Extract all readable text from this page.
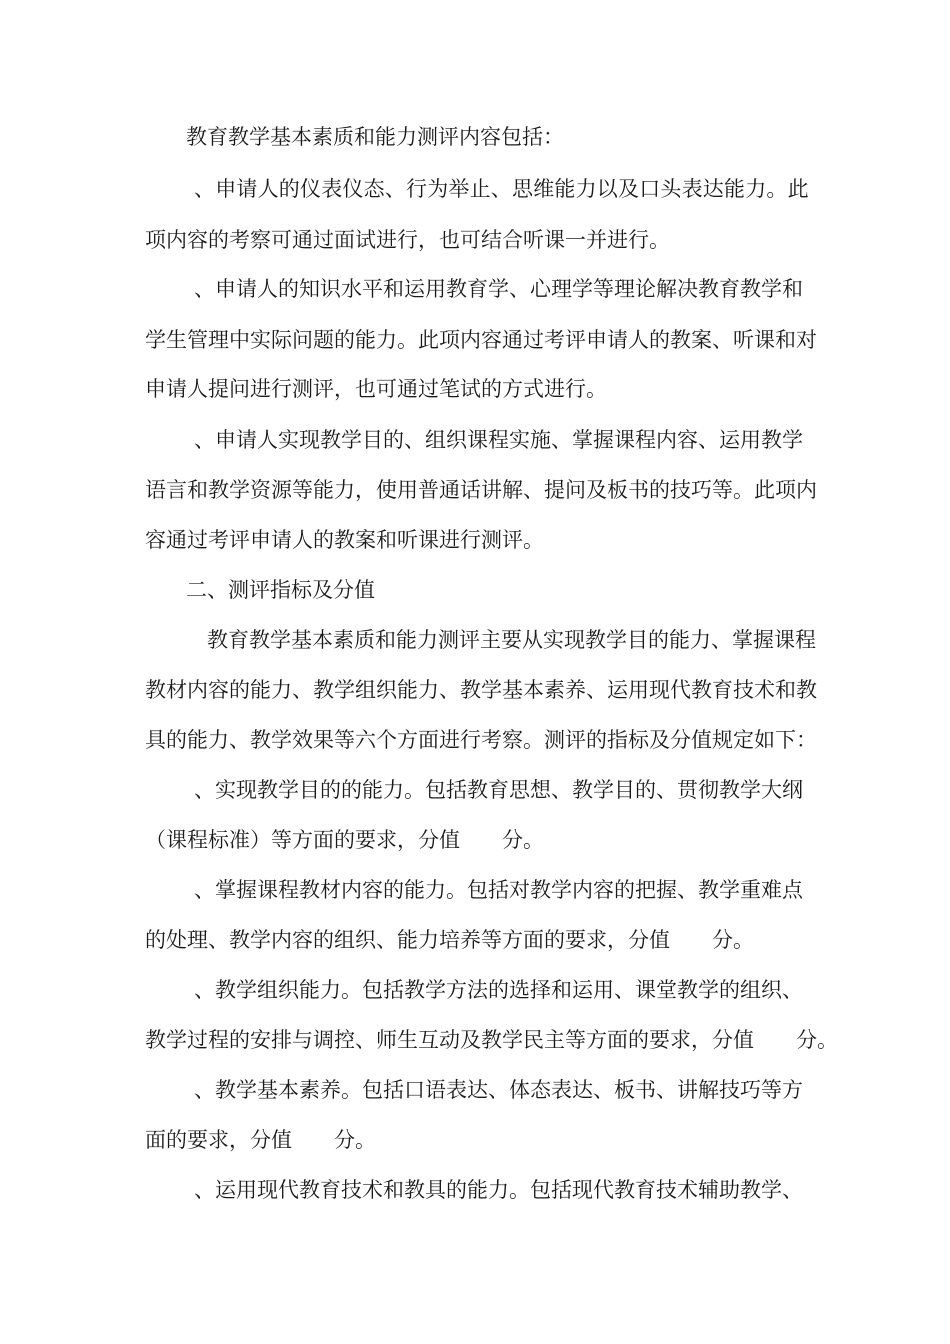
教育教学基本素质和能力测评内容包括：
、申请人的仪表仪态、行为举止、思维能力以及口头表达能力。此
项内容的考察可通过面试进行，也可结合听课一并进行。
、申请人的知识水平和运用教育学、心理学等理论解决教育教学和
学生管理中实际问题的能力。此项内容通过考评申请人的教案、听课和对
申请人提问进行测评，也可通过笔试的方式进行。
、申请人实现教学目的、组织课程实施、掌握课程内容、运用教学
语言和教学资源等能力，使用普通话讲解、提问及板书的技巧等。此项内
容通过考评申请人的教案和听课进行测评。
二、测评指标及分值
教育教学基本素质和能力测评主要从实现教学目的能力、掌握课程
教材内容的能力、教学组织能力、教学基本素养、运用现代教育技术和教
具的能力、教学效果等六个方面进行考察。测评的指标及分值规定如下：
、实现教学目的的能力。包括教育思想、教学目的、贯彻教学大纲
（课程标准）等方面的要求，分值　　分。
、掌握课程教材内容的能力。包括对教学内容的把握、教学重难点
的处理、教学内容的组织、能力培养等方面的要求，分值　　分。
、教学组织能力。包括教学方法的选择和运用、课堂教学的组织、
教学过程的安排与调控、师生互动及教学民主等方面的要求，分值　　分。
、教学基本素养。包括口语表达、体态表达、板书、讲解技巧等方
面的要求，分值　　分。
、运用现代教育技术和教具的能力。包括现代教育技术辅助教学、
